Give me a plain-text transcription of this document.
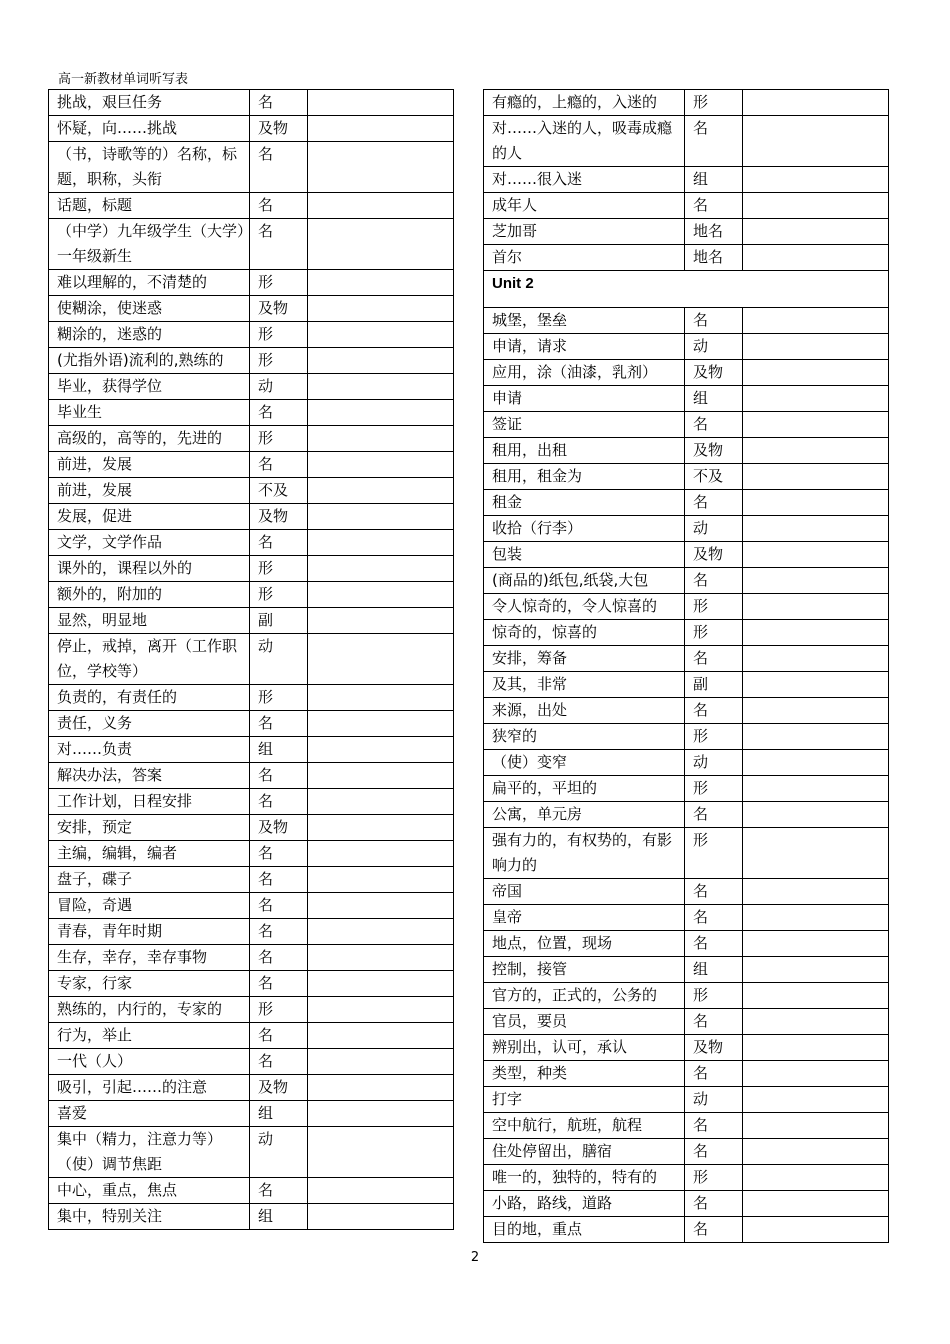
高一新教材单词听写表
挑战，艰巨任务	名	
怀疑，向……挑战	及物	
（书，诗歌等的）名称，标题，职称，头衔	名	
话题，标题	名	
（中学）九年级学生（大学）一年级新生	名	
难以理解的，不清楚的	形	
使糊涂，使迷惑	及物	
糊涂的，迷惑的	形	
(尤指外语)流利的,熟练的	形	
毕业，获得学位	动	
毕业生	名	
高级的，高等的，先进的	形	
前进，发展	名	
前进，发展	不及	
发展，促进	及物	
文学，文学作品	名	
课外的，课程以外的	形	
额外的，附加的	形	
显然，明显地	副	
停止，戒掉，离开（工作职位，学校等）	动	
负责的，有责任的	形	
责任，义务	名	
对……负责	组	
解决办法，答案	名	
工作计划，日程安排	名	
安排，预定	及物	
主编，编辑，编者	名	
盘子，碟子	名	
冒险，奇遇	名	
青春，青年时期	名	
生存，幸存，幸存事物	名	
专家，行家	名	
熟练的，内行的，专家的	形	
行为，举止	名	
一代（人）	名	
吸引，引起……的注意	及物	
喜爱	组	
集中（精力，注意力等）（使）调节焦距	动	
中心，重点，焦点	名	
集中，特别关注	组	
有瘾的，上瘾的，入迷的	形	
对……入迷的人，吸毒成瘾的人	名	
对……很入迷	组	
成年人	名	
芝加哥	地名	
首尔	地名	
Unit 2		
城堡，堡垒	名	
申请，请求	动	
应用，涂（油漆，乳剂）	及物	
申请	组	
签证	名	
租用，出租	及物	
租用，租金为	不及	
租金	名	
收拾（行李）	动	
包装	及物	
(商品的)纸包,纸袋,大包	名	
令人惊奇的，令人惊喜的	形	
惊奇的，惊喜的	形	
安排，筹备	名	
及其，非常	副	
来源，出处	名	
狭窄的	形	
（使）变窄	动	
扁平的，平坦的	形	
公寓，单元房	名	
强有力的，有权势的，有影响力的	形	
帝国	名	
皇帝	名	
地点，位置，现场	名	
控制，接管	组	
官方的，正式的，公务的	形	
官员，要员	名	
辨别出，认可，承认	及物	
类型，种类	名	
打字	动	
空中航行，航班，航程	名	
住处停留出，膳宿	名	
唯一的，独特的，特有的	形	
小路，路线，道路	名	
目的地，重点	名	
2
